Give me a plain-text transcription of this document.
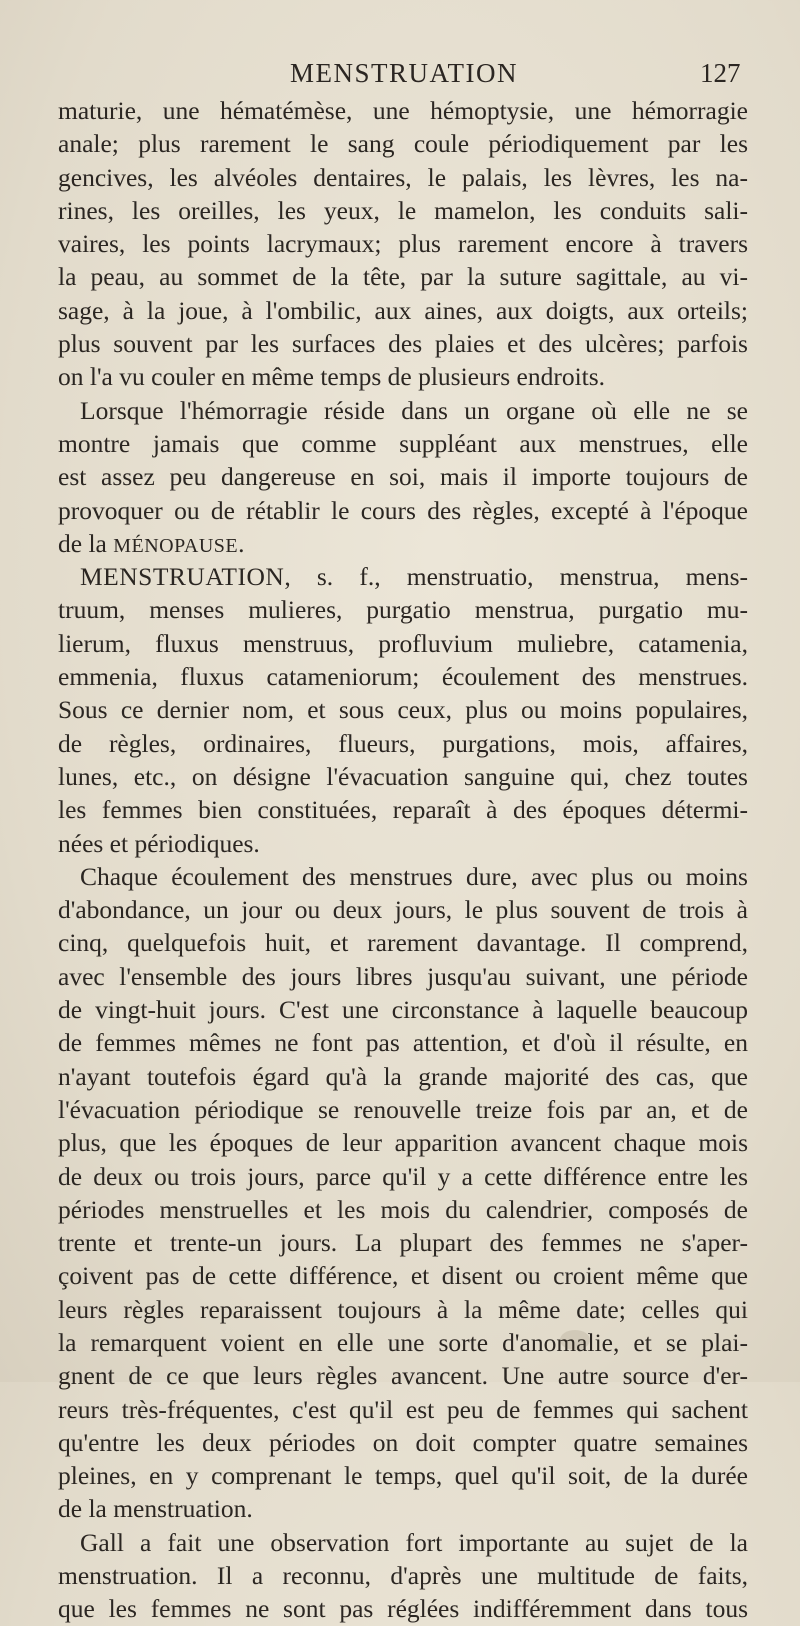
MENSTRUATION	127
maturie, une hématémèse, une hémoptysie, une hémorragie
anale; plus rarement le sang coule périodiquement par les
gencives, les alvéoles dentaires, le palais, les lèvres, les na-
rines, les oreilles, les yeux, le mamelon, les conduits sali-
vaires, les points lacrymaux; plus rarement encore à travers
la peau, au sommet de la tête, par la suture sagittale, au vi-
sage, à la joue, à l'ombilic, aux aines, aux doigts, aux orteils;
plus souvent par les surfaces des plaies et des ulcères; parfois
on l'a vu couler en même temps de plusieurs endroits.
Lorsque l'hémorragie réside dans un organe où elle ne se
montre jamais que comme suppléant aux menstrues, elle
est assez peu dangereuse en soi, mais il importe toujours de
provoquer ou de rétablir le cours des règles, excepté à l'époque
de la MÉNOPAUSE.
MENSTRUATION, s. f., menstruatio, menstrua, mens-
truum, menses mulieres, purgatio menstrua, purgatio mu-
lierum, fluxus menstruus, profluvium muliebre, catamenia,
emmenia, fluxus catameniorum; écoulement des menstrues.
Sous ce dernier nom, et sous ceux, plus ou moins populaires,
de règles, ordinaires, flueurs, purgations, mois, affaires,
lunes, etc., on désigne l'évacuation sanguine qui, chez toutes
les femmes bien constituées, reparaît à des époques détermi-
nées et périodiques.
Chaque écoulement des menstrues dure, avec plus ou moins
d'abondance, un jour ou deux jours, le plus souvent de trois à
cinq, quelquefois huit, et rarement davantage. Il comprend,
avec l'ensemble des jours libres jusqu'au suivant, une période
de vingt-huit jours. C'est une circonstance à laquelle beaucoup
de femmes mêmes ne font pas attention, et d'où il résulte, en
n'ayant toutefois égard qu'à la grande majorité des cas, que
l'évacuation périodique se renouvelle treize fois par an, et de
plus, que les époques de leur apparition avancent chaque mois
de deux ou trois jours, parce qu'il y a cette différence entre les
périodes menstruelles et les mois du calendrier, composés de
trente et trente-un jours. La plupart des femmes ne s'aper-
çoivent pas de cette différence, et disent ou croient même que
leurs règles reparaissent toujours à la même date; celles qui
la remarquent voient en elle une sorte d'anomalie, et se plai-
gnent de ce que leurs règles avancent. Une autre source d'er-
reurs très-fréquentes, c'est qu'il est peu de femmes qui sachent
qu'entre les deux périodes on doit compter quatre semaines
pleines, en y comprenant le temps, quel qu'il soit, de la durée
de la menstruation.
Gall a fait une observation fort importante au sujet de la
menstruation. Il a reconnu, d'après une multitude de faits,
que les femmes ne sont pas réglées indifféremment dans tous
